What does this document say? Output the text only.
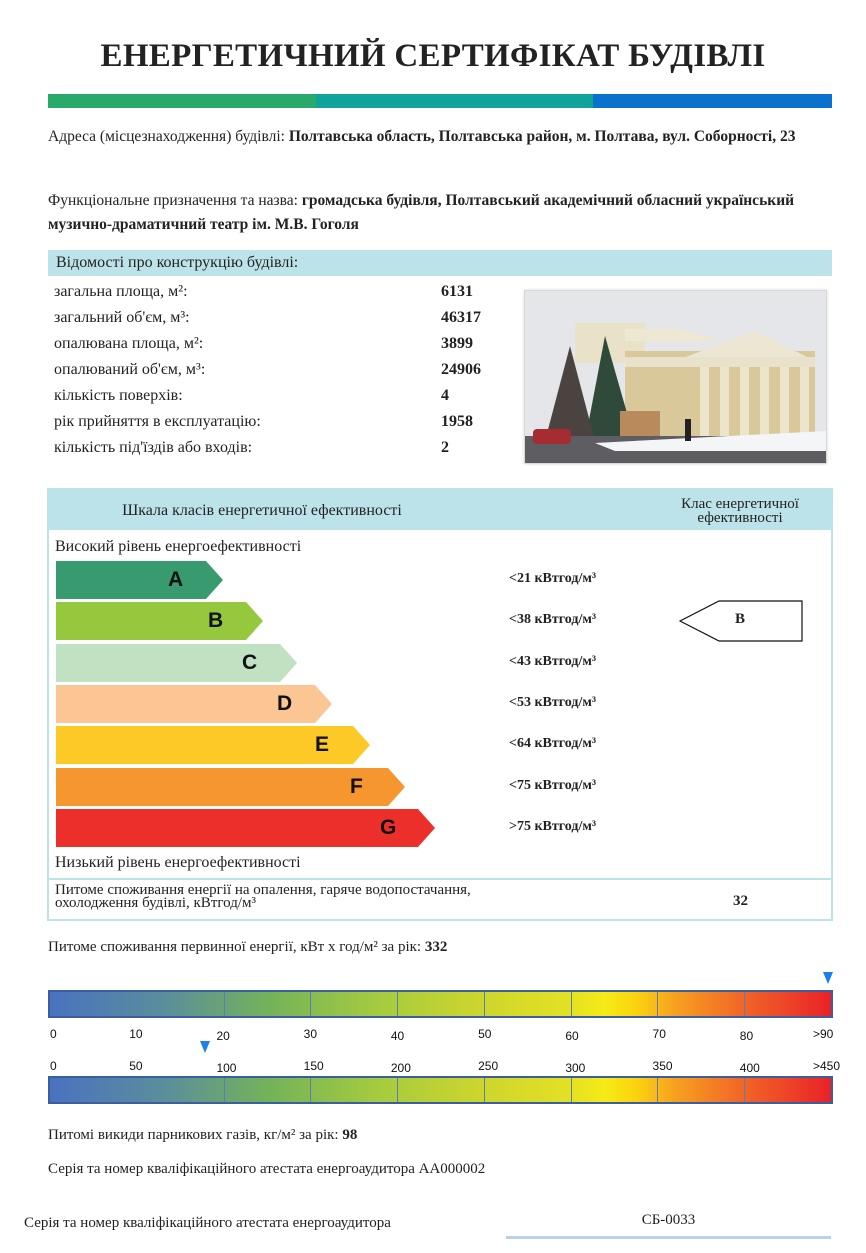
ЕНЕРГЕТИЧНИЙ СЕРТИФІКАТ БУДІВЛІ
Адреса (місцезнаходження) будівлі: Полтавська область, Полтавська район, м. Полтава, вул. Соборності, 23
Функціональне призначення та назва: громадська будівля, Полтавський академічний обласний український музично-драматичний театр ім. М.В. Гоголя
Відомості про конструкцію будівлі:
загальна площа, м²:	6131
загальний об'єм, м³:	46317
опалювана площа, м²:	3899
опалюваний об'єм, м³:	24906
кількість поверхів:	4
рік прийняття в експлуатацію:	1958
кількість під'їздів або входів:	2
Шкала класів енергетичної ефективності	Клас енергетичної ефективності
Високий рівень енергоефективності
A	<21 кВтгод/м³
B	<38 кВтгод/м³
C	<43 кВтгод/м³
D	<53 кВтгод/м³
E	<64 кВтгод/м³
F	<75 кВтгод/м³
G	>75 кВтгод/м³
Низький рівень енергоефективності
B
Питоме споживання енергії на опалення, гаряче водопостачання, охолодження будівлі, кВтгод/м³	32
Питоме споживання первинної енергії, кВт х год/м² за рік: 332
0	10	20	30	40	50	60	70	80	>90
0	50	100	150	200	250	300	350	400	>450
Питомі викиди парникових газів, кг/м² за рік: 98
Серія та номер кваліфікаційного атестата енергоаудитора АА000002
Серія та номер кваліфікаційного атестата енергоаудитора	СБ-0033
